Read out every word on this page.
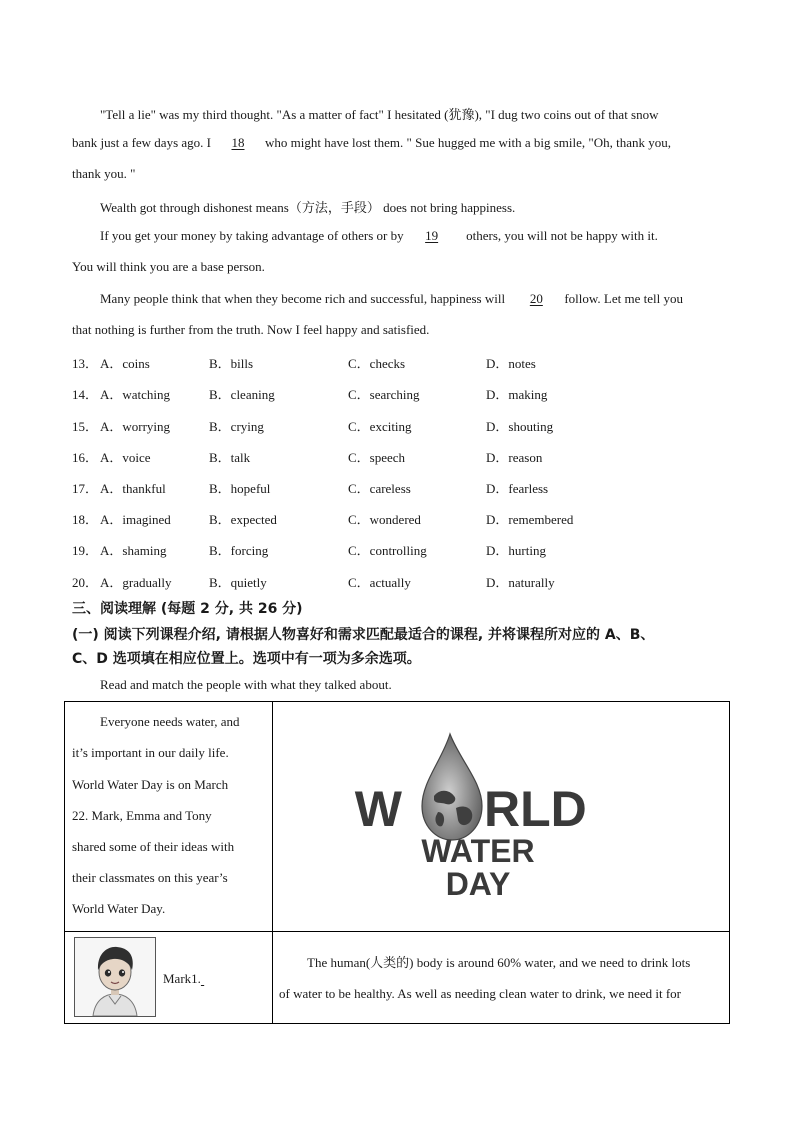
"Tell a lie" was my third thought. "As a matter of fact" I hesitated (犹豫), "I dug two coins out of that snow
bank just a few days ago. I 18 who might have lost them. " Sue hugged me with a big smile, "Oh, thank you,
thank you. "
Wealth got through dishonest means（方法，手段） does not bring happiness.
If you get your money by taking advantage of others or by 19 others, you will not be happy with it.
You will think you are a base person.
Many people think that when they become rich and successful, happiness will 20 follow. Let me tell you
that nothing is further from the truth. Now I feel happy and satisfied.
13． A．coins	B．bills	C．checks	D．notes
14． A．watching	B．cleaning	C．searching	D．making
15． A．worrying	B．crying	C．exciting	D．shouting
16． A．voice	B．talk	C．speech	D．reason
17． A．thankful	B．hopeful	C．careless	D．fearless
18． A．imagined	B．expected	C．wondered	D．remembered
19． A．shaming	B．forcing	C．controlling	D．hurting
20． A．gradually	B．quietly	C．actually	D．naturally
三、阅读理解 (每题 2 分, 共 26 分)
(一) 阅读下列课程介绍, 请根据人物喜好和需求匹配最适合的课程, 并将课程所对应的 A、B、
C、D 选项填在相应位置上。选项中有一项为多余选项。
Read and match the people with what they talked about.
Everyone needs water, and
it’s important in our daily life.
World Water Day is on March
22. Mark, Emma and Tony
shared some of their ideas with
their classmates on this year’s
World Water Day.
W RLD
WATER
DAY
Mark1.
The human(人类的) body is around 60% water, and we need to drink lots
of water to be healthy. As well as needing clean water to drink, we need it for
